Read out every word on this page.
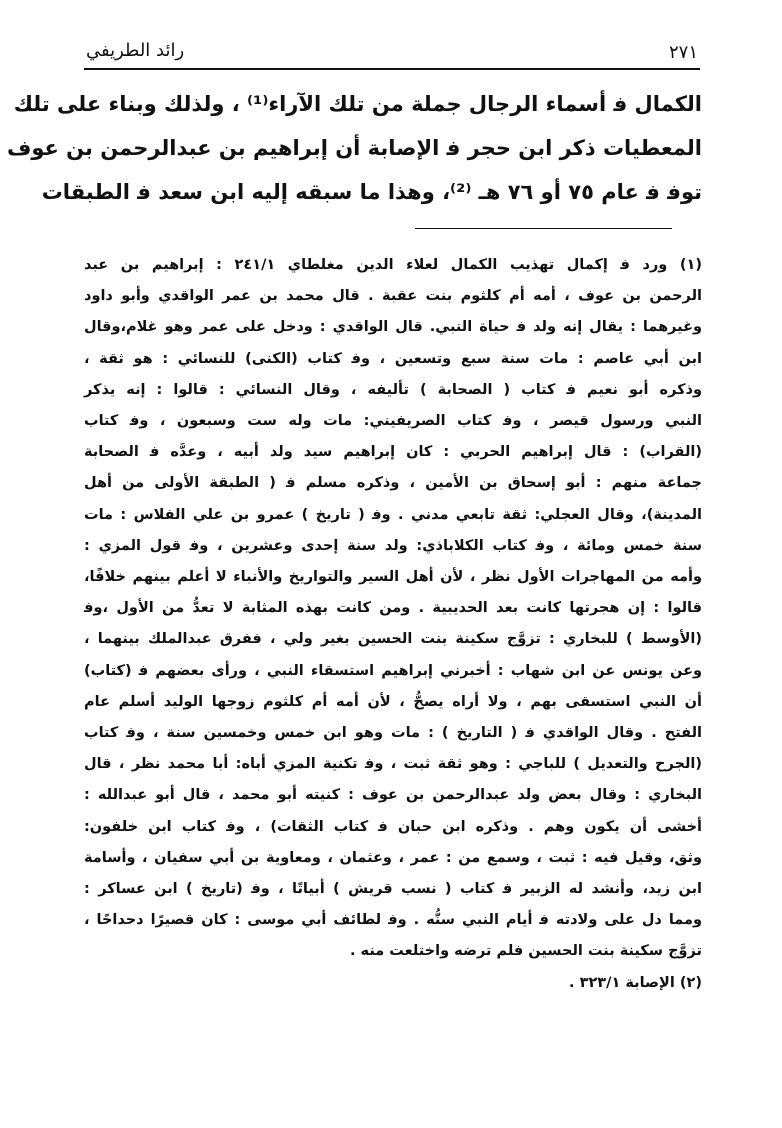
٢٧١
رائد الطريفي
الكمال ﻓ أسماء الرجال جملة من تلك الآراء⁽¹⁾ ، ولذلك وبناء على تلك
المعطيات ذكر ابن حجر ﻓ الإصابة أن إبراهيم بن عبدالرحمن بن عوف
توﻓ ﻓ عام ٧٥ أو ٧٦ هـ ⁽²⁾، وهذا ما سبقه إليه ابن سعد ﻓ الطبقات
(١) ورد ﻓ إكمال تهذيب الكمال لعلاء الدين مغلطاي ٢٤١/١ : إبراهيم بن عبد
الرحمن بن عوف ، أمه أم كلثوم بنت عقبة . قال محمد بن عمر الواقدي وأبو داود
وغيرهما : يقال إنه ولد ﻓ حياة النبي. قال الواقدي : ودخل على عمر وهو غلام،وقال
ابن أبي عاصم : مات سنة سبع وتسعين ، وﻓ كتاب (الكنى) للنسائي : هو ثقة ،
وذكره أبو نعيم ﻓ كتاب ( الصحابة ) تأليفه ، وقال النسائي : قالوا : إنه يذكر
النبي ورسول قيصر ، وﻓ كتاب الصريفيني: مات وله ست وسبعون ، وﻓ كتاب
(القراب) : قال إبراهيم الحربي : كان إبراهيم سيد ولد أبيه ، وعدَّه ﻓ الصحابة
جماعة منهم : أبو إسحاق بن الأمين ، وذكره مسلم ﻓ ( الطبقة الأولى من أهل
المدينة)، وقال العجلي: ثقة تابعي مدني . وﻓ ( تاريخ ) عمرو بن علي الفلاس : مات
سنة خمس ومائة ، وﻓ كتاب الكلاباذي: ولد سنة إحدى وعشرين ، وﻓ قول المزي :
وأمه من المهاجرات الأول نظر ، لأن أهل السير والتواريخ والأنباء لا أعلم بينهم خلافًا،
قالوا : إن هجرتها كانت بعد الحديبية . ومن كانت بهذه المثابة لا تعدُّ من الأول ،وﻓ
(الأوسط ) للبخاري : تزوَّج سكينة بنت الحسين بغير ولي ، ففرق عبدالملك بينهما ،
وعن يونس عن ابن شهاب : أخبرني إبراهيم استسقاء النبي ، ورأى بعضهم ﻓ (كتاب)
أن النبي استسقى بهم ، ولا أراه يصحُّ ، لأن أمه أم كلثوم زوجها الوليد أسلم عام
الفتح . وقال الواقدي ﻓ ( التاريخ ) : مات وهو ابن خمس وخمسين سنة ، وﻓ كتاب
(الجرح والتعديل ) للباجي : وهو ثقة ثبت ، وﻓ تكنية المزي أباه: أبا محمد نظر ، قال
البخاري : وقال بعض ولد عبدالرحمن بن عوف : كنيته أبو محمد ، قال أبو عبدالله :
أخشى أن يكون وهم . وذكره ابن حبان ﻓ كتاب الثقات) ، وﻓ كتاب ابن خلفون:
وثق، وقيل فيه : ثبت ، وسمع من : عمر ، وعثمان ، ومعاوية بن أبي سفيان ، وأسامة
ابن زيد، وأنشد له الزبير ﻓ كتاب ( نسب قريش ) أبياتًا ، وﻓ (تاريخ ) ابن عساكر :
ومما دل على ولادته ﻓ أيام النبي سنُّه . وﻓ لطائف أبي موسى : كان قصيرًا دحداحًا ،
تزوَّج سكينة بنت الحسين فلم ترضه واختلعت منه .
(٢) الإصابة ٣٢٣/١ .
